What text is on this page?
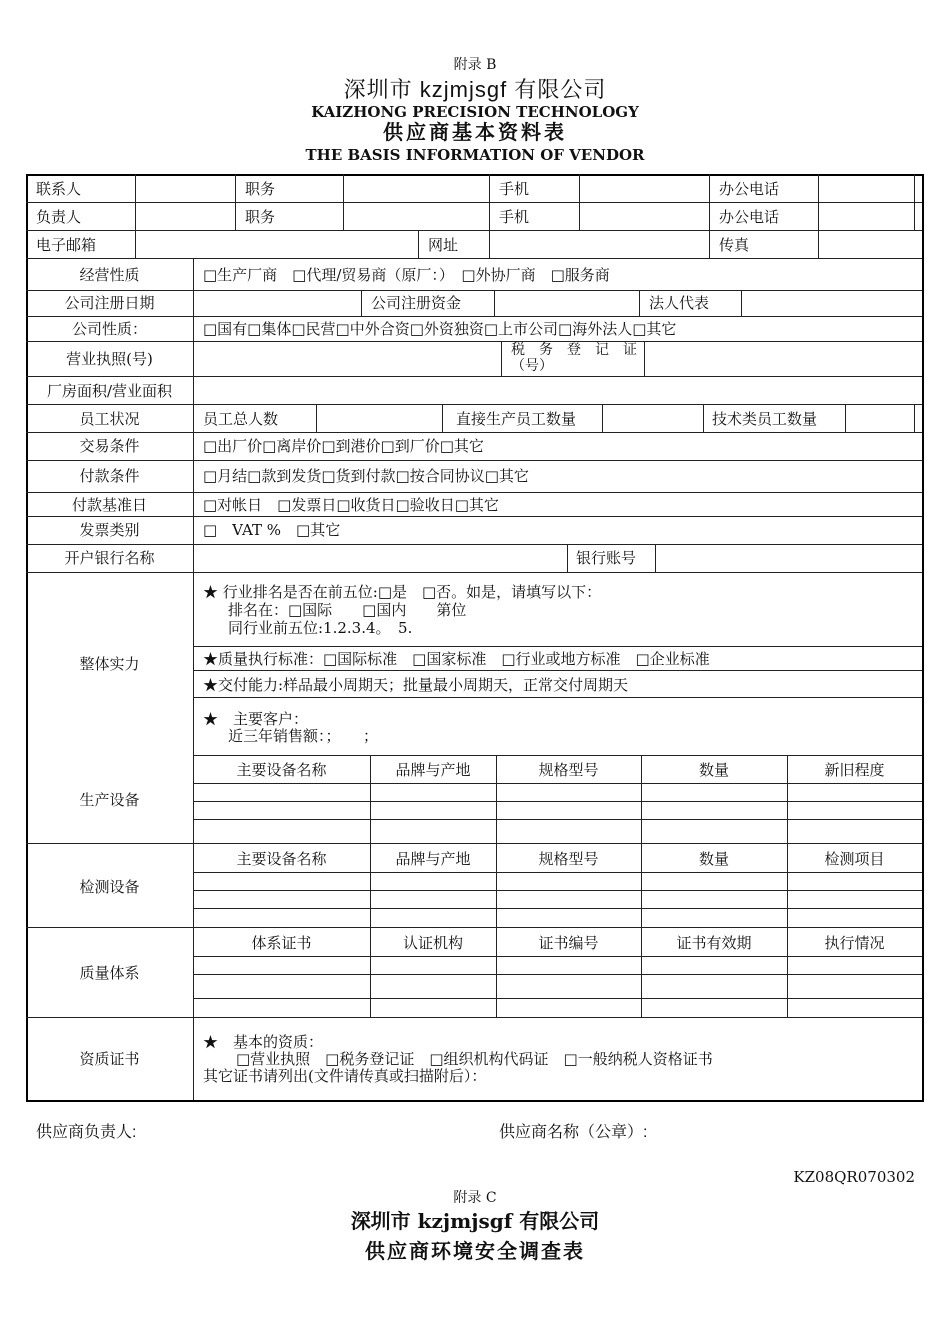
附录 B
深圳市 kzjmjsgf 有限公司
KAIZHONG PRECISION TECHNOLOGY
供应商基本资料表
THE BASIS INFORMATION OF VENDOR
联系人	职务	手机	办公电话
负责人	职务	手机	办公电话
电子邮箱	网址	传真
经营性质	□生产厂商　□代理/贸易商（原厂：）　□外协厂商　□服务商
公司注册日期	公司注册资金	法人代表
公司性质：	□国有□集体□民营□中外合资□外资独资□上市公司□海外法人□其它
营业执照(号)	税　务　登　记　证
（号）
厂房面积/营业面积
员工状况	员工总人数	直接生产员工数量	技术类员工数量
交易条件	□出厂价□离岸价□到港价□到厂价□其它
付款条件	□月结□款到发货□货到付款□按合同协议□其它
付款基准日	□对帐日　□发票日□收货日□验收日□其它
发票类别	□　VAT %　□其它
开户银行名称	银行账号
整体实力
★ 行业排名是否在前五位:□是　□否。如是，请填写以下：
排名在：□国际　　□国内　　第位
同行业前五位:1.2.3.4。　5.
★质量执行标准：□国际标准　□国家标准　□行业或地方标准　□企业标准
★交付能力:样品最小周期天；批量最小周期天，正常交付周期天
★　主要客户：
近三年销售额：；　　；
生产设备
主要设备名称	品牌与产地	规格型号	数量	新旧程度
检测设备
主要设备名称	品牌与产地	规格型号	数量	检测项目
质量体系
体系证书	认证机构	证书编号	证书有效期	执行情况
资质证书
★　基本的资质：
□营业执照　□税务登记证　□组织机构代码证　□一般纳税人资格证书
其它证书请列出(文件请传真或扫描附后）：
供应商负责人:	供应商名称（公章）:
KZ08QR070302
附录 C
深圳市 kzjmjsgf 有限公司
供应商环境安全调查表
